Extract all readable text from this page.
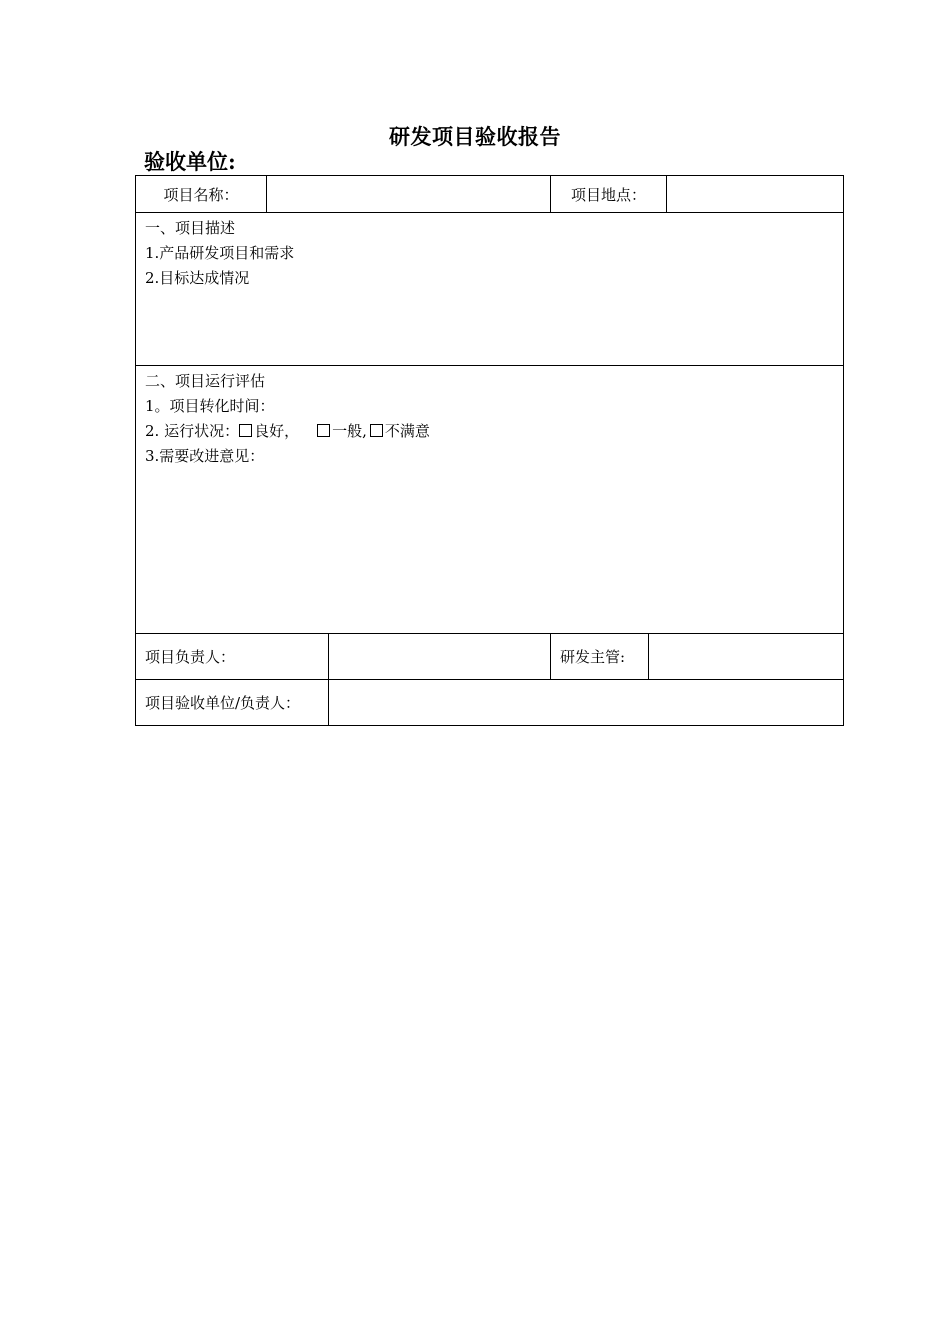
研发项目验收报告
验收单位:
项目名称：			项目地点：		

一、项目描述
1.产品研发项目和需求
2.目标达成情况					

二、项目运行评估
1。项目转化时间：
2. 运行状况： 良好， 一般, 不满意
3.需要改进意见：					

项目负责人：			研发主管:		
项目验收单位/负责人：					
